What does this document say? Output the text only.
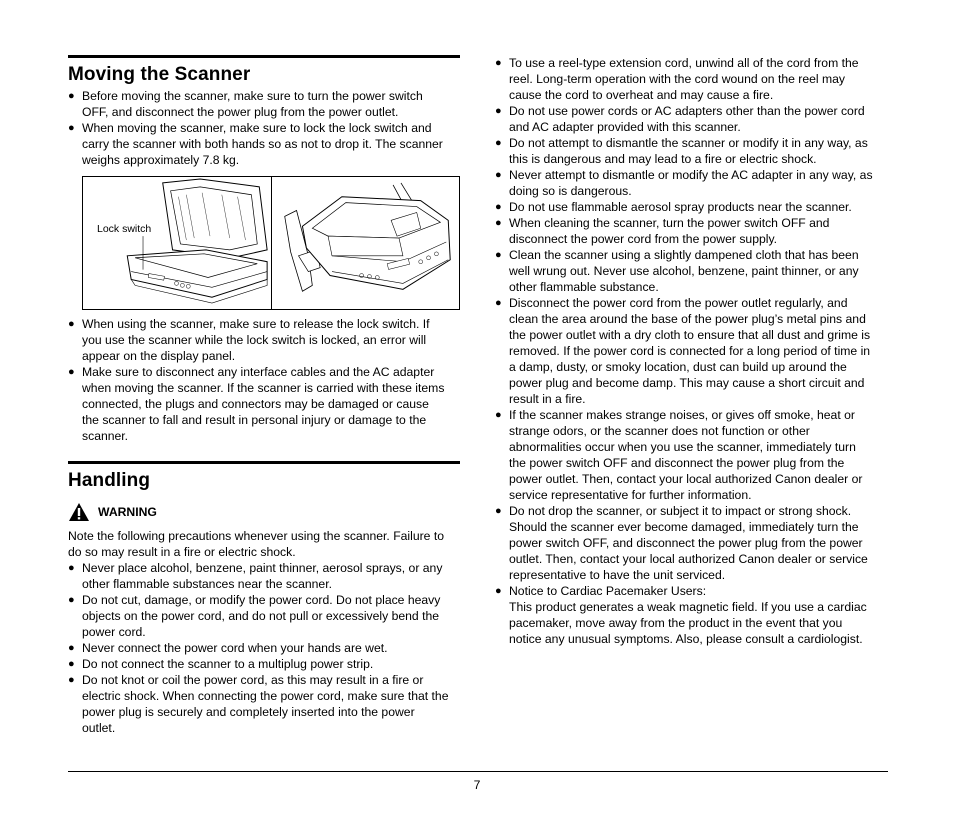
Moving the Scanner
● Before moving the scanner, make sure to turn the power switch
OFF, and disconnect the power plug from the power outlet.
● When moving the scanner, make sure to lock the lock switch and
carry the scanner with both hands so as not to drop it. The scanner
weighs approximately 7.8 kg.
Lock switch
● When using the scanner, make sure to release the lock switch. If
you use the scanner while the lock switch is locked, an error will
appear on the display panel.
● Make sure to disconnect any interface cables and the AC adapter
when moving the scanner. If the scanner is carried with these items
connected, the plugs and connectors may be damaged or cause
the scanner to fall and result in personal injury or damage to the
scanner.
Handling
WARNING

Note the following precautions whenever using the scanner. Failure to do so may result in a fire or electric shock.

● Never place alcohol, benzene, paint thinner, aerosol sprays, or any
other flammable substances near the scanner.
● Do not cut, damage, or modify the power cord. Do not place heavy
objects on the power cord, and do not pull or excessively bend the
power cord.
● Never connect the power cord when your hands are wet.
● Do not connect the scanner to a multiplug power strip.
● Do not knot or coil the power cord, as this may result in a fire or
electric shock. When connecting the power cord, make sure that the
power plug is securely and completely inserted into the power
outlet.
● To use a reel-type extension cord, unwind all of the cord from the
reel. Long-term operation with the cord wound on the reel may
cause the cord to overheat and may cause a fire.
● Do not use power cords or AC adapters other than the power cord
and AC adapter provided with this scanner.
● Do not attempt to dismantle the scanner or modify it in any way, as
this is dangerous and may lead to a fire or electric shock.
● Never attempt to dismantle or modify the AC adapter in any way, as
doing so is dangerous.
● Do not use flammable aerosol spray products near the scanner.
● When cleaning the scanner, turn the power switch OFF and
disconnect the power cord from the power supply.
● Clean the scanner using a slightly dampened cloth that has been
well wrung out. Never use alcohol, benzene, paint thinner, or any
other flammable substance.
● Disconnect the power cord from the power outlet regularly, and
clean the area around the base of the power plug’s metal pins and
the power outlet with a dry cloth to ensure that all dust and grime is
removed. If the power cord is connected for a long period of time in
a damp, dusty, or smoky location, dust can build up around the
power plug and become damp. This may cause a short circuit and
result in a fire.
● If the scanner makes strange noises, or gives off smoke, heat or
strange odors, or the scanner does not function or other
abnormalities occur when you use the scanner, immediately turn
the power switch OFF and disconnect the power plug from the
power outlet. Then, contact your local authorized Canon dealer or
service representative for further information.
● Do not drop the scanner, or subject it to impact or strong shock.
Should the scanner ever become damaged, immediately turn the
power switch OFF, and disconnect the power plug from the power
outlet. Then, contact your local authorized Canon dealer or service
representative to have the unit serviced.
● Notice to Cardiac Pacemaker Users:
This product generates a weak magnetic field. If you use a cardiac
pacemaker, move away from the product in the event that you
notice any unusual symptoms. Also, please consult a cardiologist.
7
